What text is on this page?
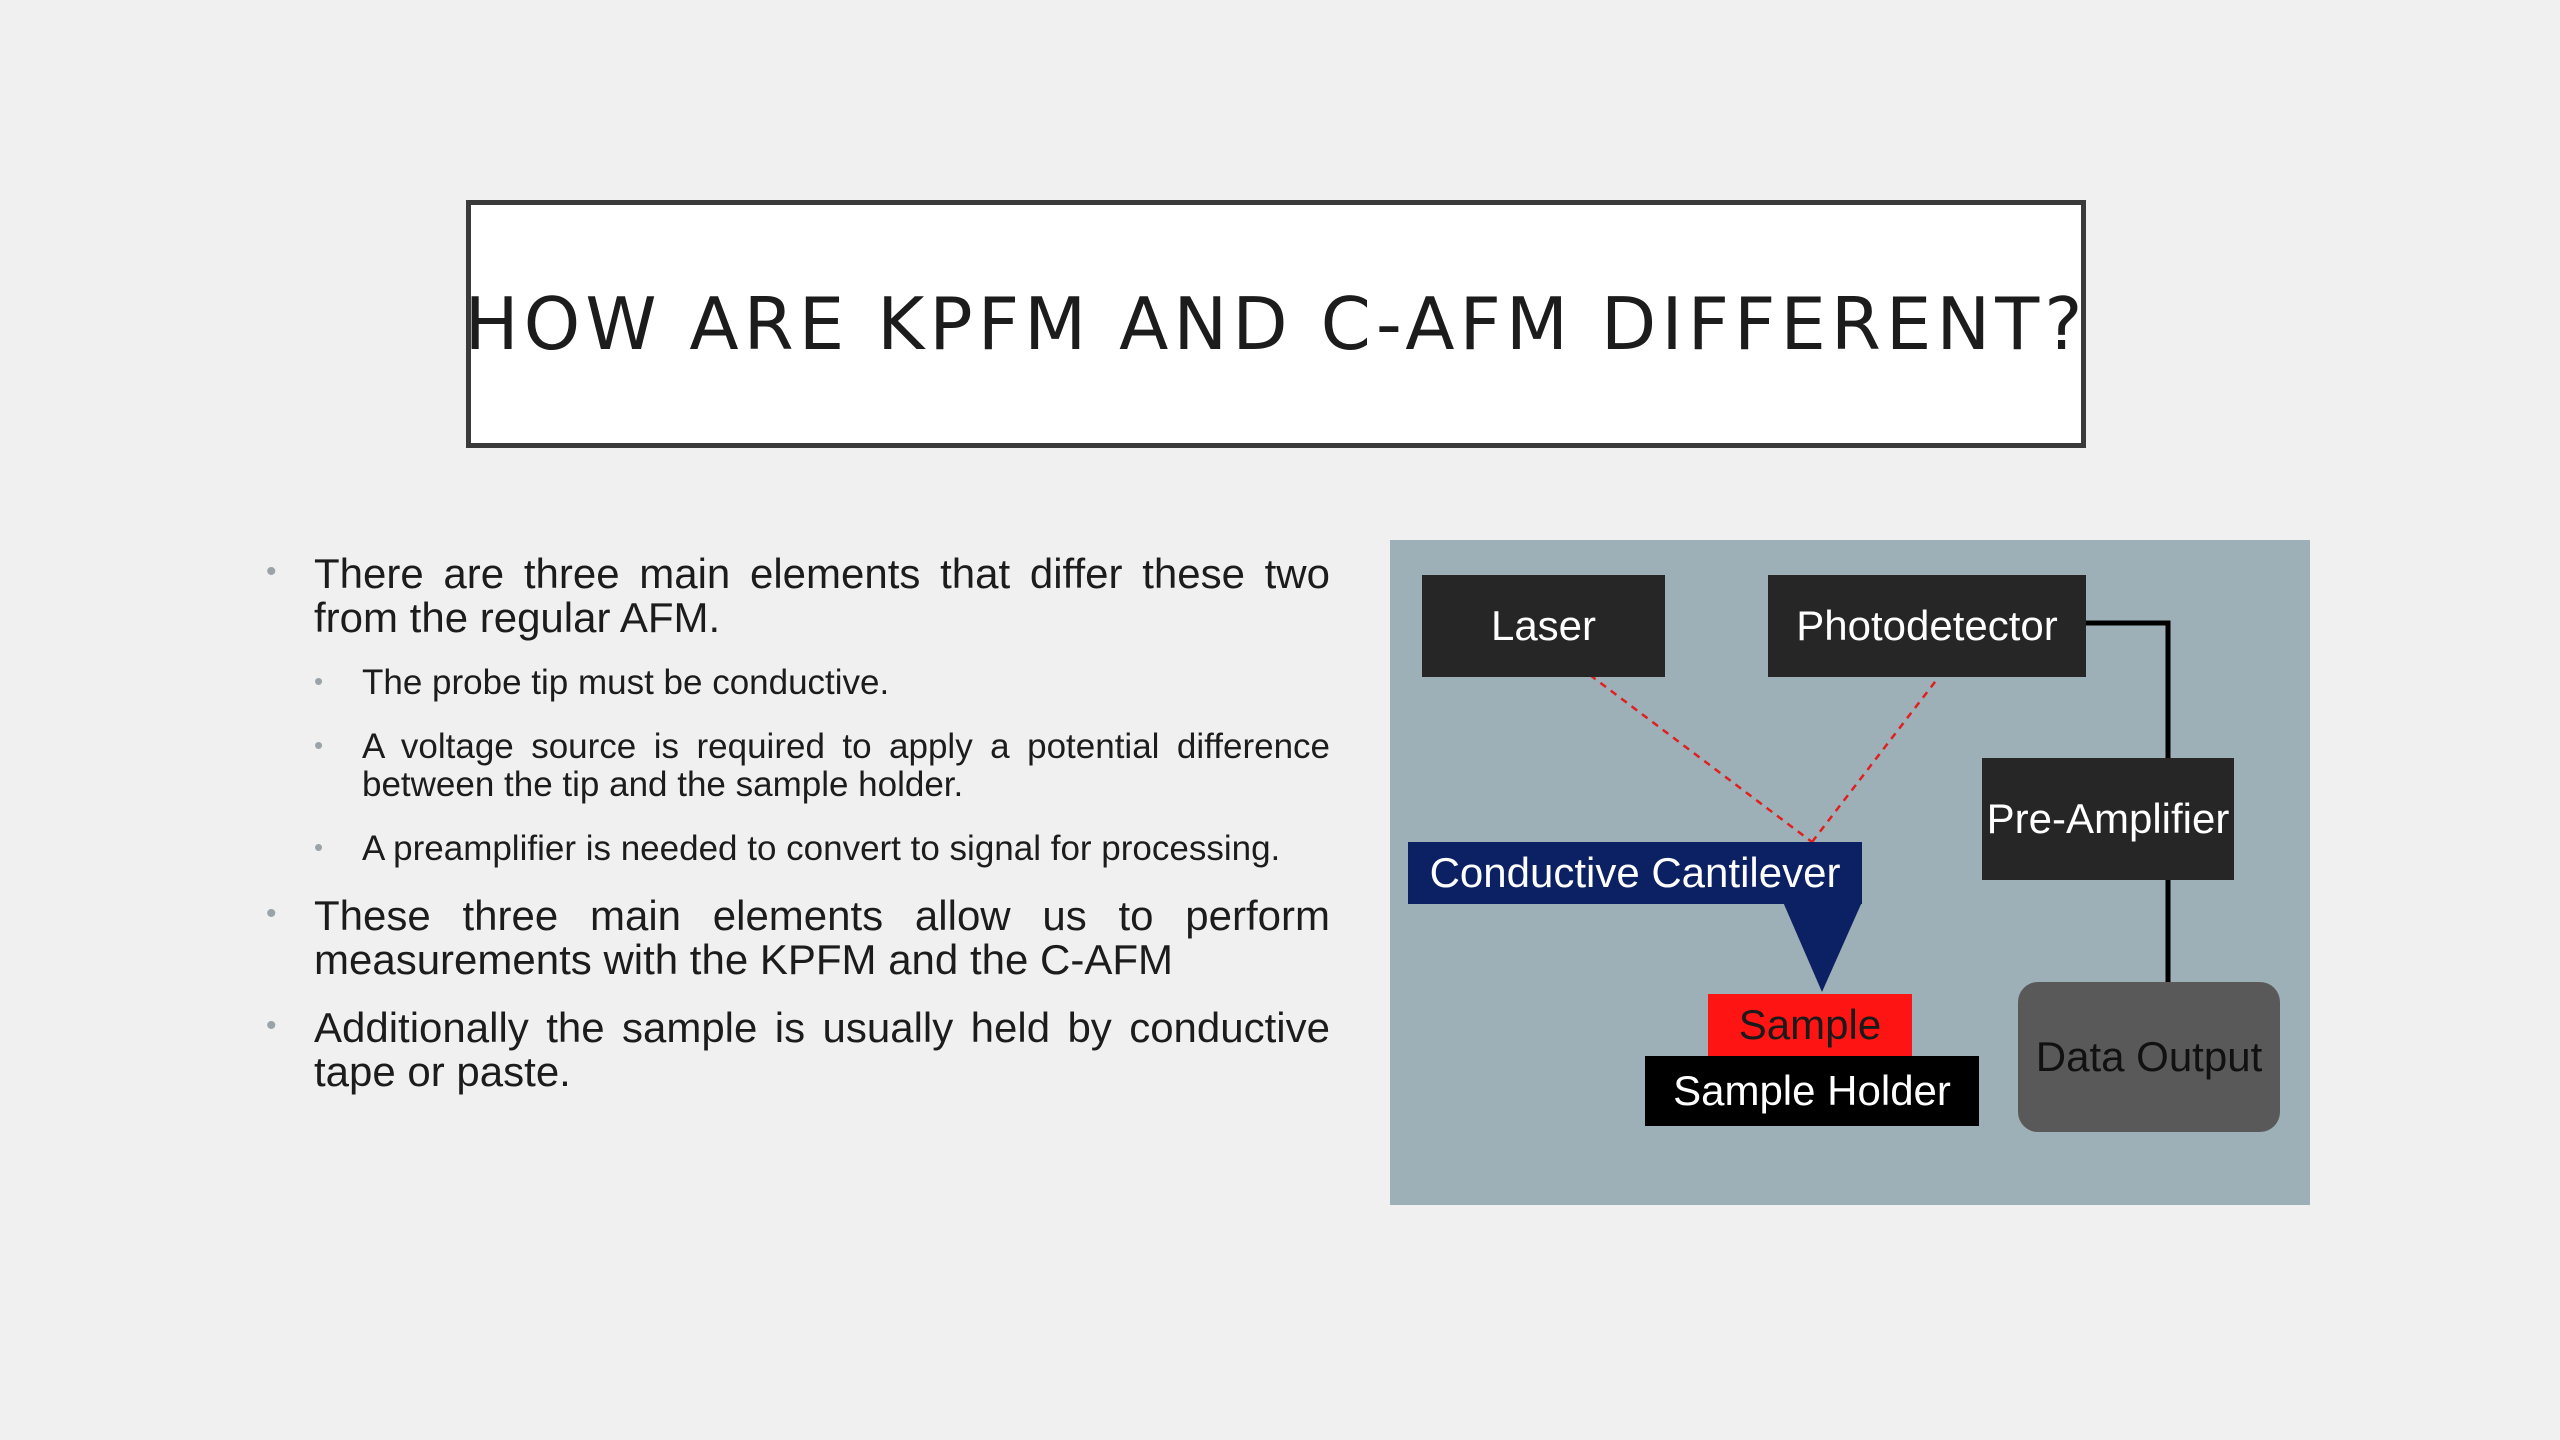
HOW ARE KPFM AND C-AFM DIFFERENT?
• There are three main elements that differ these two from the regular AFM.
• The probe tip must be conductive.
• A voltage source is required to apply a potential difference between the tip and the sample holder.
• A preamplifier is needed to convert to signal for processing.
• These three main elements allow us to perform measurements with the KPFM and the C-AFM
• Additionally the sample is usually held by conductive tape or paste.
Laser	Photodetector
Pre-Amplifier
Conductive Cantilever
Sample
Sample Holder
Data Output
